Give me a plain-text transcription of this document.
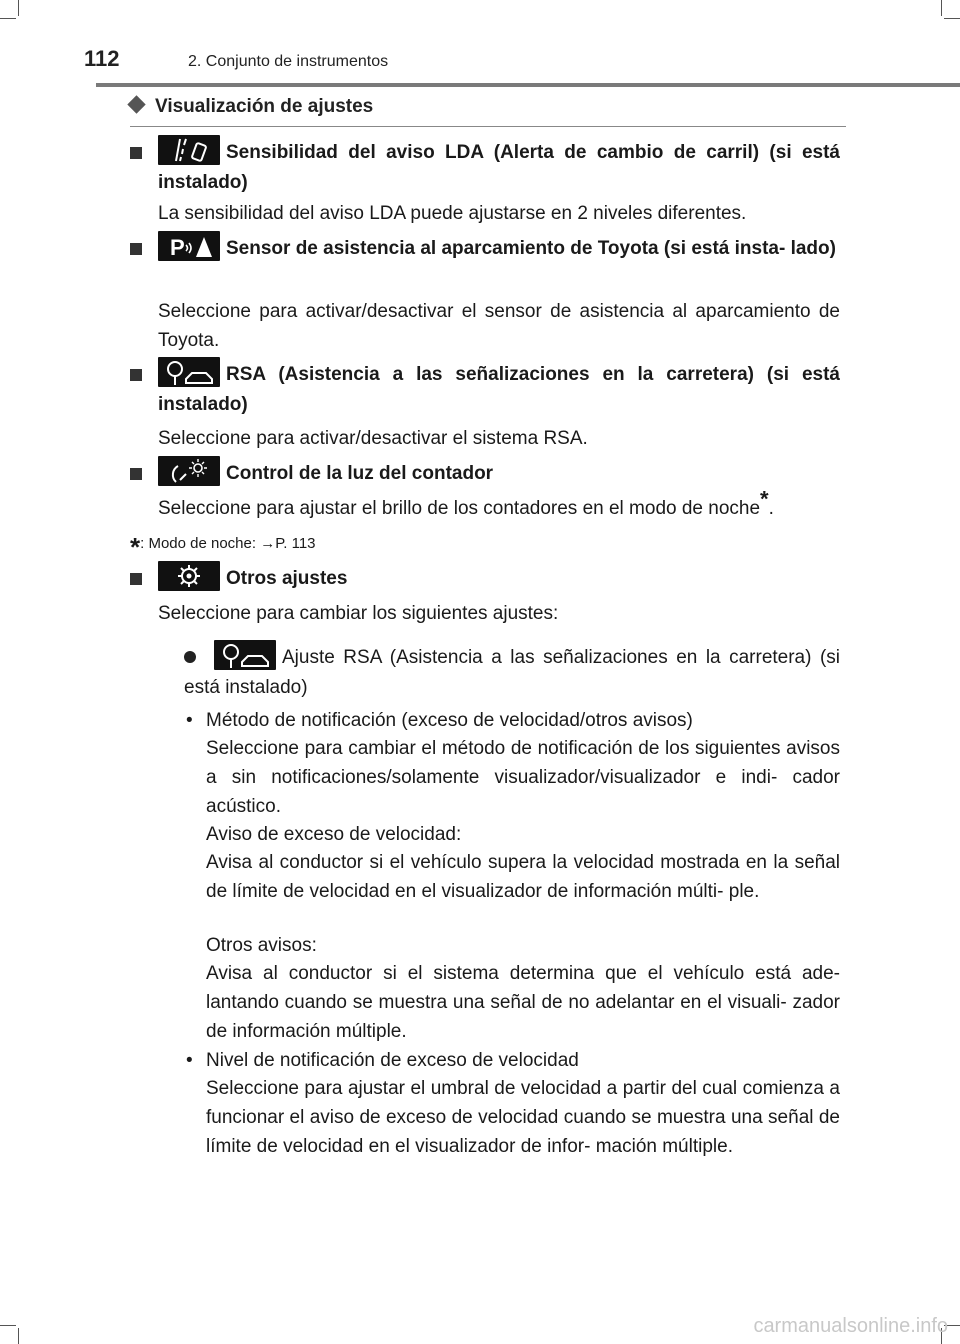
112	2. Conjunto de instrumentos
Visualización de ajustes
Sensibilidad del aviso LDA (Alerta de cambio de carril) (si está instalado)
La sensibilidad del aviso LDA puede ajustarse en 2 niveles diferentes.
P Sensor de asistencia al aparcamiento de Toyota (si está insta- lado)
Seleccione para activar/desactivar el sensor de asistencia al aparcamiento de Toyota.
RSA (Asistencia a las señalizaciones en la carretera) (si está instalado)
Seleccione para activar/desactivar el sistema RSA.
Control de la luz del contador
Seleccione para ajustar el brillo de los contadores en el modo de noche*.
*: Modo de noche: →P. 113
Otros ajustes
Seleccione para cambiar los siguientes ajustes:
Ajuste RSA (Asistencia a las señalizaciones en la carretera) (si está instalado)
• Método de notificación (exceso de velocidad/otros avisos)
Seleccione para cambiar el método de notificación de los siguientes avisos a sin notificaciones/solamente visualizador/visualizador e indi- cador acústico.
Aviso de exceso de velocidad:
Avisa al conductor si el vehículo supera la velocidad mostrada en la señal de límite de velocidad en el visualizador de información múlti- ple.
Otros avisos:
Avisa al conductor si el sistema determina que el vehículo está ade- lantando cuando se muestra una señal de no adelantar en el visuali- zador de información múltiple.
• Nivel de notificación de exceso de velocidad
Seleccione para ajustar el umbral de velocidad a partir del cual comienza a funcionar el aviso de exceso de velocidad cuando se muestra una señal de límite de velocidad en el visualizador de infor- mación múltiple.
carmanualsonline.info
